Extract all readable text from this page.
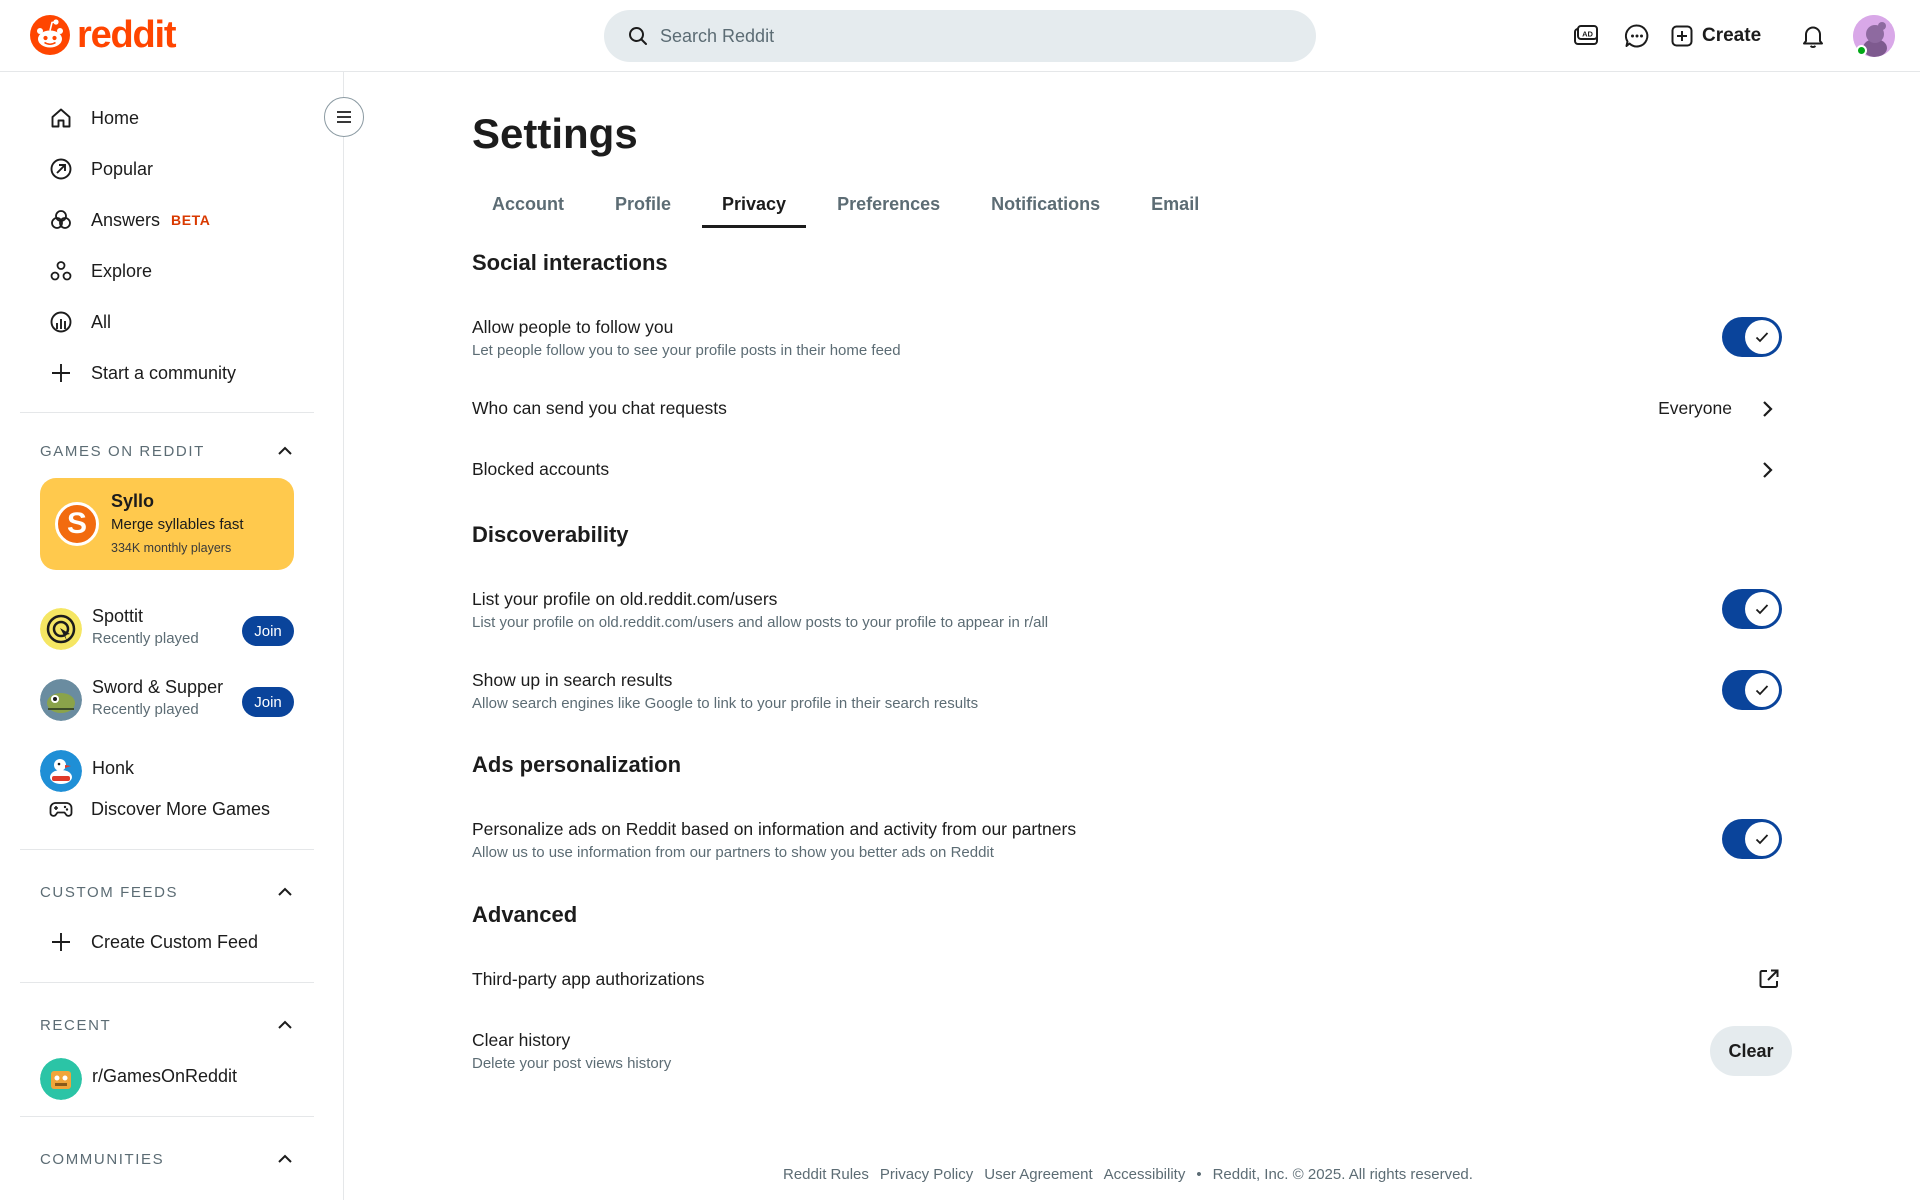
reddit
Search Reddit	AD	Create
Home
Popular
Answers BETA
Explore
All
Start a community
GAMES ON REDDIT
S
Syllo
Merge syllables fast
334K monthly players
Spottit
Recently played	Join
Sword & Supper
Recently played	Join
Honk
Discover More Games
CUSTOM FEEDS
Create Custom Feed
RECENT
r/GamesOnReddit
COMMUNITIES
Settings
Account	Profile	Privacy	Preferences	Notifications	Email
Social interactions
Allow people to follow you
Let people follow you to see your profile posts in their home feed
Who can send you chat requests	Everyone
Blocked accounts
Discoverability
List your profile on old.reddit.com/users
List your profile on old.reddit.com/users and allow posts to your profile to appear in r/all
Show up in search results
Allow search engines like Google to link to your profile in their search results
Ads personalization
Personalize ads on Reddit based on information and activity from our partners
Allow us to use information from our partners to show you better ads on Reddit
Advanced
Third-party app authorizations
Clear history
Delete your post views history
Clear
Reddit Rules Privacy Policy User Agreement Accessibility • Reddit, Inc. © 2025. All rights reserved.
